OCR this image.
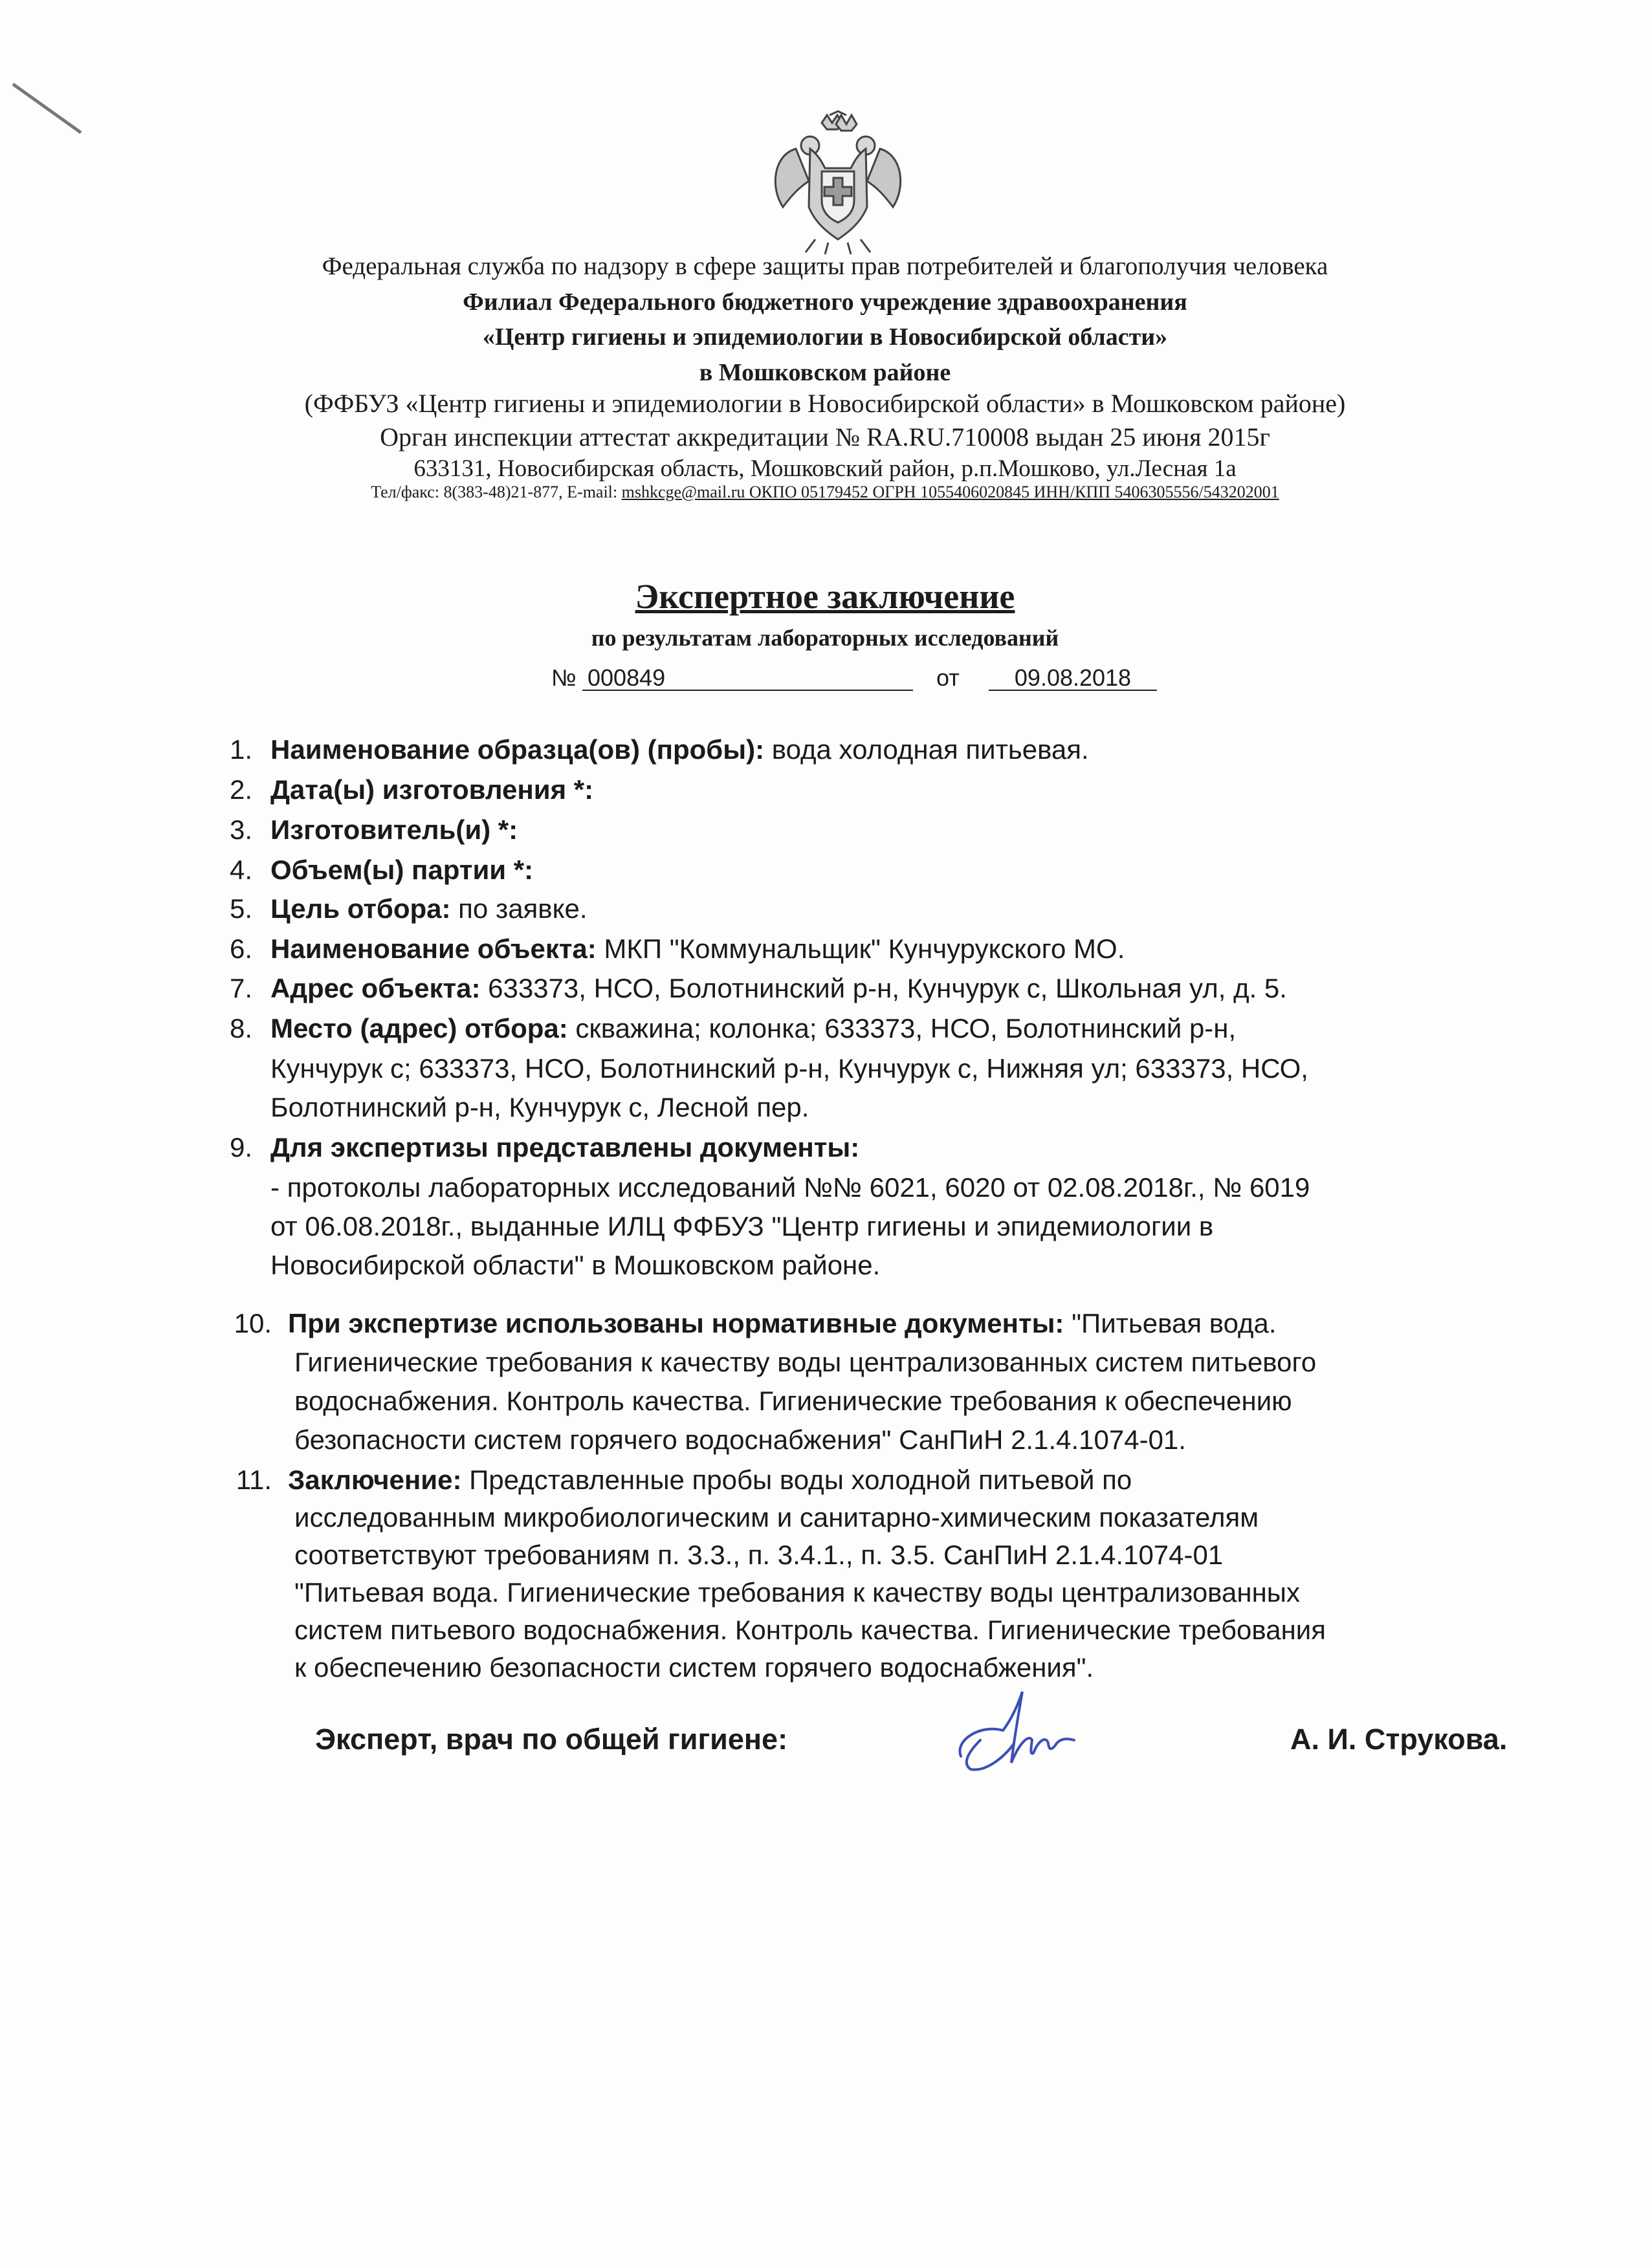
Федеральная служба по надзору в сфере защиты прав потребителей и благополучия человека
Филиал Федерального бюджетного учреждение здравоохранения
«Центр гигиены и эпидемиологии в Новосибирской области»
в Мошковском районе
(ФФБУЗ «Центр гигиены и эпидемиологии в Новосибирской области» в Мошковском районе)
Орган инспекции аттестат аккредитации № RA.RU.710008 выдан 25 июня 2015г
633131, Новосибирская область, Мошковский район, р.п.Мошково, ул.Лесная 1а
Тел/факс: 8(383-48)21-877, E-mail: mshkcge@mail.ru ОКПО 05179452 ОГРН 1055406020845 ИНН/КПП 5406305556/543202001
Экспертное заключение
по результатам лабораторных исследований
№ 000849	от	09.08.2018
1. Наименование образца(ов) (пробы): вода холодная питьевая.
2. Дата(ы) изготовления *:
3. Изготовитель(и) *:
4. Объем(ы) партии *:
5. Цель отбора: по заявке.
6. Наименование объекта: МКП "Коммунальщик" Кунчурукского МО.
7. Адрес объекта: 633373, НСО, Болотнинский р-н, Кунчурук с, Школьная ул, д. 5.
8. Место (адрес) отбора: скважина; колонка; 633373, НСО, Болотнинский р-н,
Кунчурук с; 633373, НСО, Болотнинский р-н, Кунчурук с, Нижняя ул; 633373, НСО,
Болотнинский р-н, Кунчурук с, Лесной пер.
9. Для экспертизы представлены документы:
- протоколы лабораторных исследований №№ 6021, 6020 от 02.08.2018г., № 6019
от 06.08.2018г., выданные ИЛЦ ФФБУЗ "Центр гигиены и эпидемиологии в
Новосибирской области" в Мошковском районе.
10. При экспертизе использованы нормативные документы: "Питьевая вода.
Гигиенические требования к качеству воды централизованных систем питьевого
водоснабжения. Контроль качества. Гигиенические требования к обеспечению
безопасности систем горячего водоснабжения" СанПиН 2.1.4.1074-01.
11. Заключение: Представленные пробы воды холодной питьевой по
исследованным микробиологическим и санитарно-химическим показателям
соответствуют требованиям п. 3.3., п. 3.4.1., п. 3.5. СанПиН 2.1.4.1074-01
"Питьевая вода. Гигиенические требования к качеству воды централизованных
систем питьевого водоснабжения. Контроль качества. Гигиенические требования
к обеспечению безопасности систем горячего водоснабжения".
Эксперт, врач по общей гигиене:	А. И. Струкова.
